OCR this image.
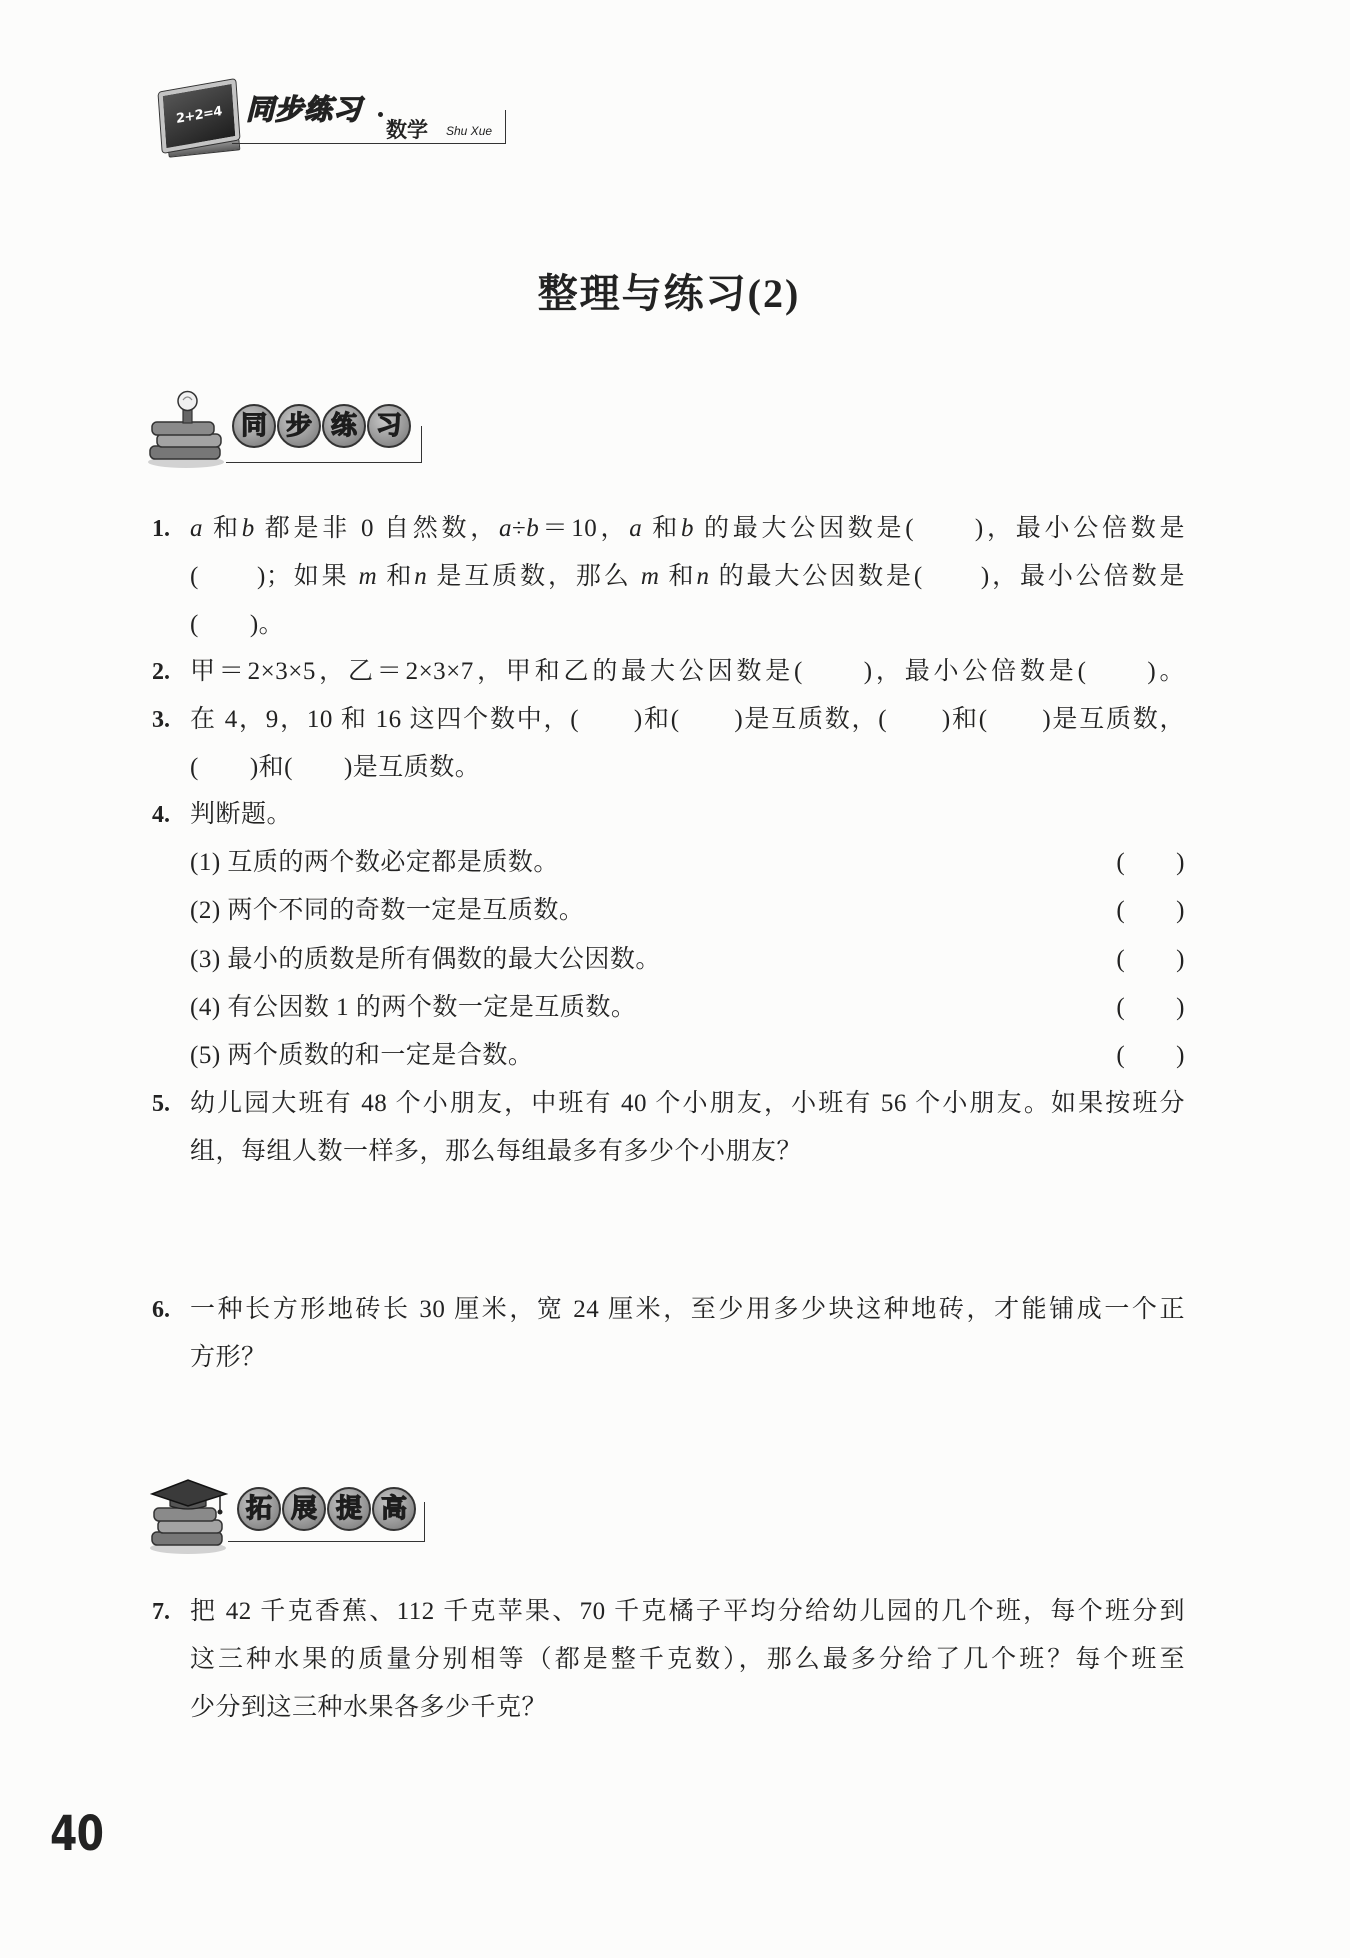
2+2=4 同步练习
数学 Shu Xue
整理与练习(2)
同 步 练 习
1. a 和b 都是非 0 自然数，a÷b＝10，a 和b 的最大公因数是(　　)，最小公倍数是
(　　)；如果 m 和n 是互质数，那么 m 和n 的最大公因数是(　　)，最小公倍数是
(　　)。
2. 甲＝2×3×5，乙＝2×3×7，甲和乙的最大公因数是(　　)，最小公倍数是(　　)。
3. 在 4，9，10 和 16 这四个数中，(　　)和(　　)是互质数，(　　)和(　　)是互质数，
(　　)和(　　)是互质数。
4. 判断题。
(1) 互质的两个数必定都是质数。	(　　)
(2) 两个不同的奇数一定是互质数。	(　　)
(3) 最小的质数是所有偶数的最大公因数。	(　　)
(4) 有公因数 1 的两个数一定是互质数。	(　　)
(5) 两个质数的和一定是合数。	(　　)
5. 幼儿园大班有 48 个小朋友，中班有 40 个小朋友，小班有 56 个小朋友。如果按班分
组，每组人数一样多，那么每组最多有多少个小朋友？
6. 一种长方形地砖长 30 厘米，宽 24 厘米，至少用多少块这种地砖，才能铺成一个正
方形？
拓 展 提 高
7. 把 42 千克香蕉、112 千克苹果、70 千克橘子平均分给幼儿园的几个班，每个班分到
这三种水果的质量分别相等（都是整千克数），那么最多分给了几个班？每个班至
少分到这三种水果各多少千克？
40
